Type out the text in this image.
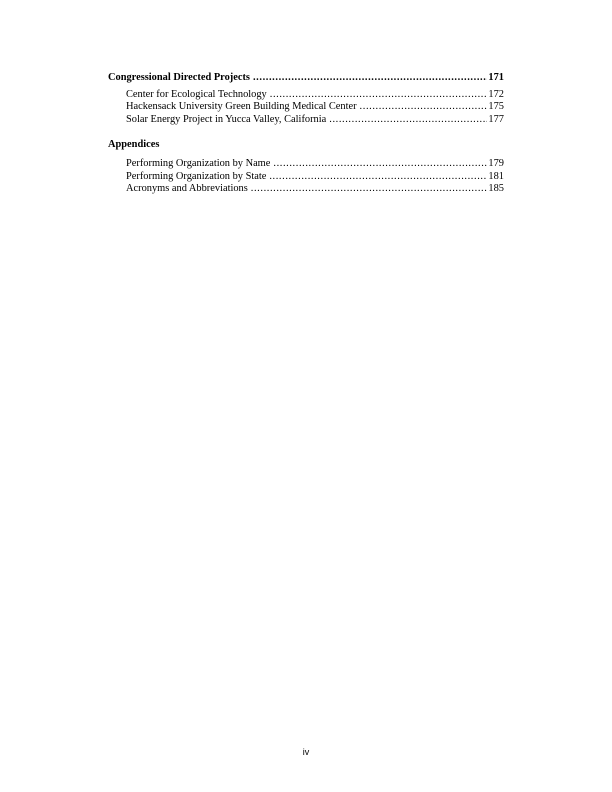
Congressional Directed Projects .....	171
Center for Ecological Technology .....	172
Hackensack University Green Building Medical Center .....	175
Solar Energy Project in Yucca Valley, California .....	177
Appendices
Performing Organization by Name .....	179
Performing Organization by State .....	181
Acronyms and Abbreviations .....	185
iv
